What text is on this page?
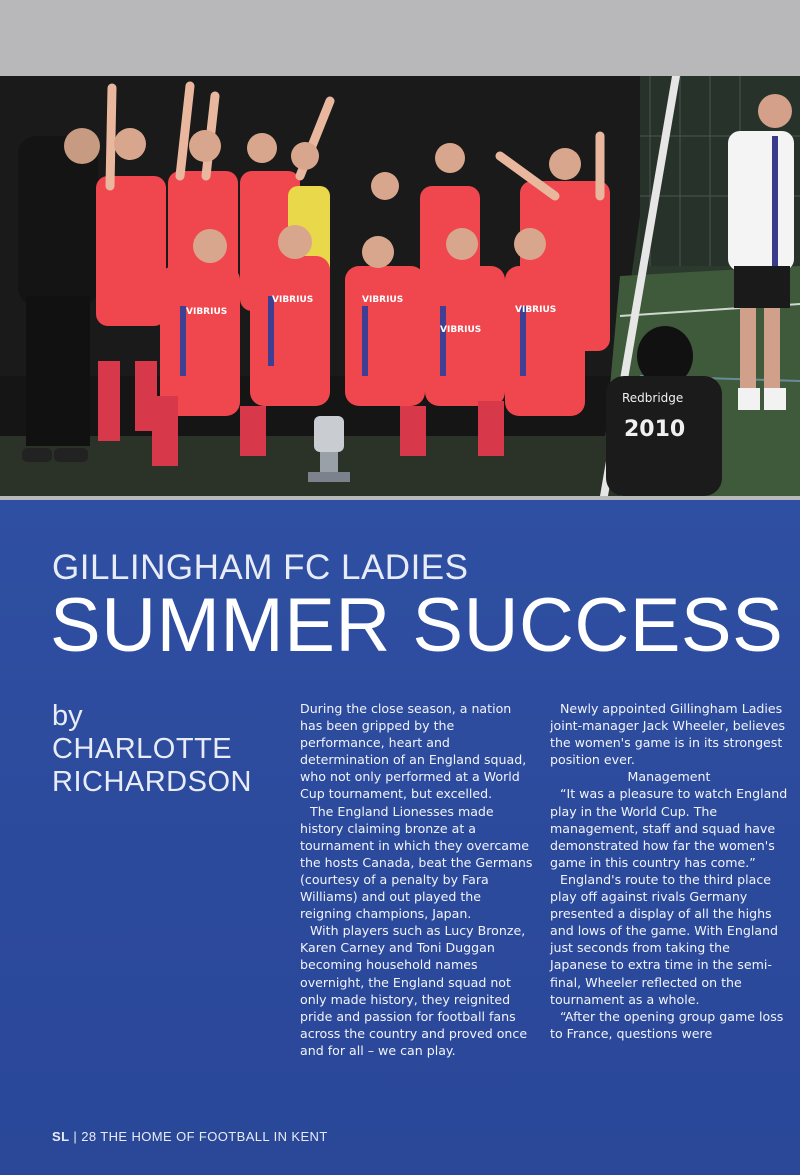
VIBRIUS
VIBRIUS	VIBRIUS
VIBRIUS
VIBRIUS
Redbridge
2010
GILLINGHAM FC LADIES
SUMMER SUCCESS
by
CHARLOTTE
RICHARDSON

During the close season, a nation has been gripped by the performance, heart and determination of an England squad, who not only performed at a World Cup tournament, but excelled.

The England Lionesses made history claiming bronze at a tournament in which they overcame the hosts Canada, beat the Germans (courtesy of a penalty by Fara Williams) and out played the reigning champions, Japan.

With players such as Lucy Bronze, Karen Carney and Toni Duggan becoming household names overnight, the England squad not only made history, they reignited pride and passion for football fans across the country and proved once and for all – we can play.

Newly appointed Gillingham Ladies joint-manager Jack Wheeler, believes the women's game is in its strongest position ever.

Management

“It was a pleasure to watch England play in the World Cup. The management, staff and squad have demonstrated how far the women's game in this country has come.”

England's route to the third place play off against rivals Germany presented a display of all the highs and lows of the game. With England just seconds from taking the Japanese to extra time in the semi-final, Wheeler reflected on the tournament as a whole.

“After the opening group game loss to France, questions were

SL | 28 THE HOME OF FOOTBALL IN KENT
